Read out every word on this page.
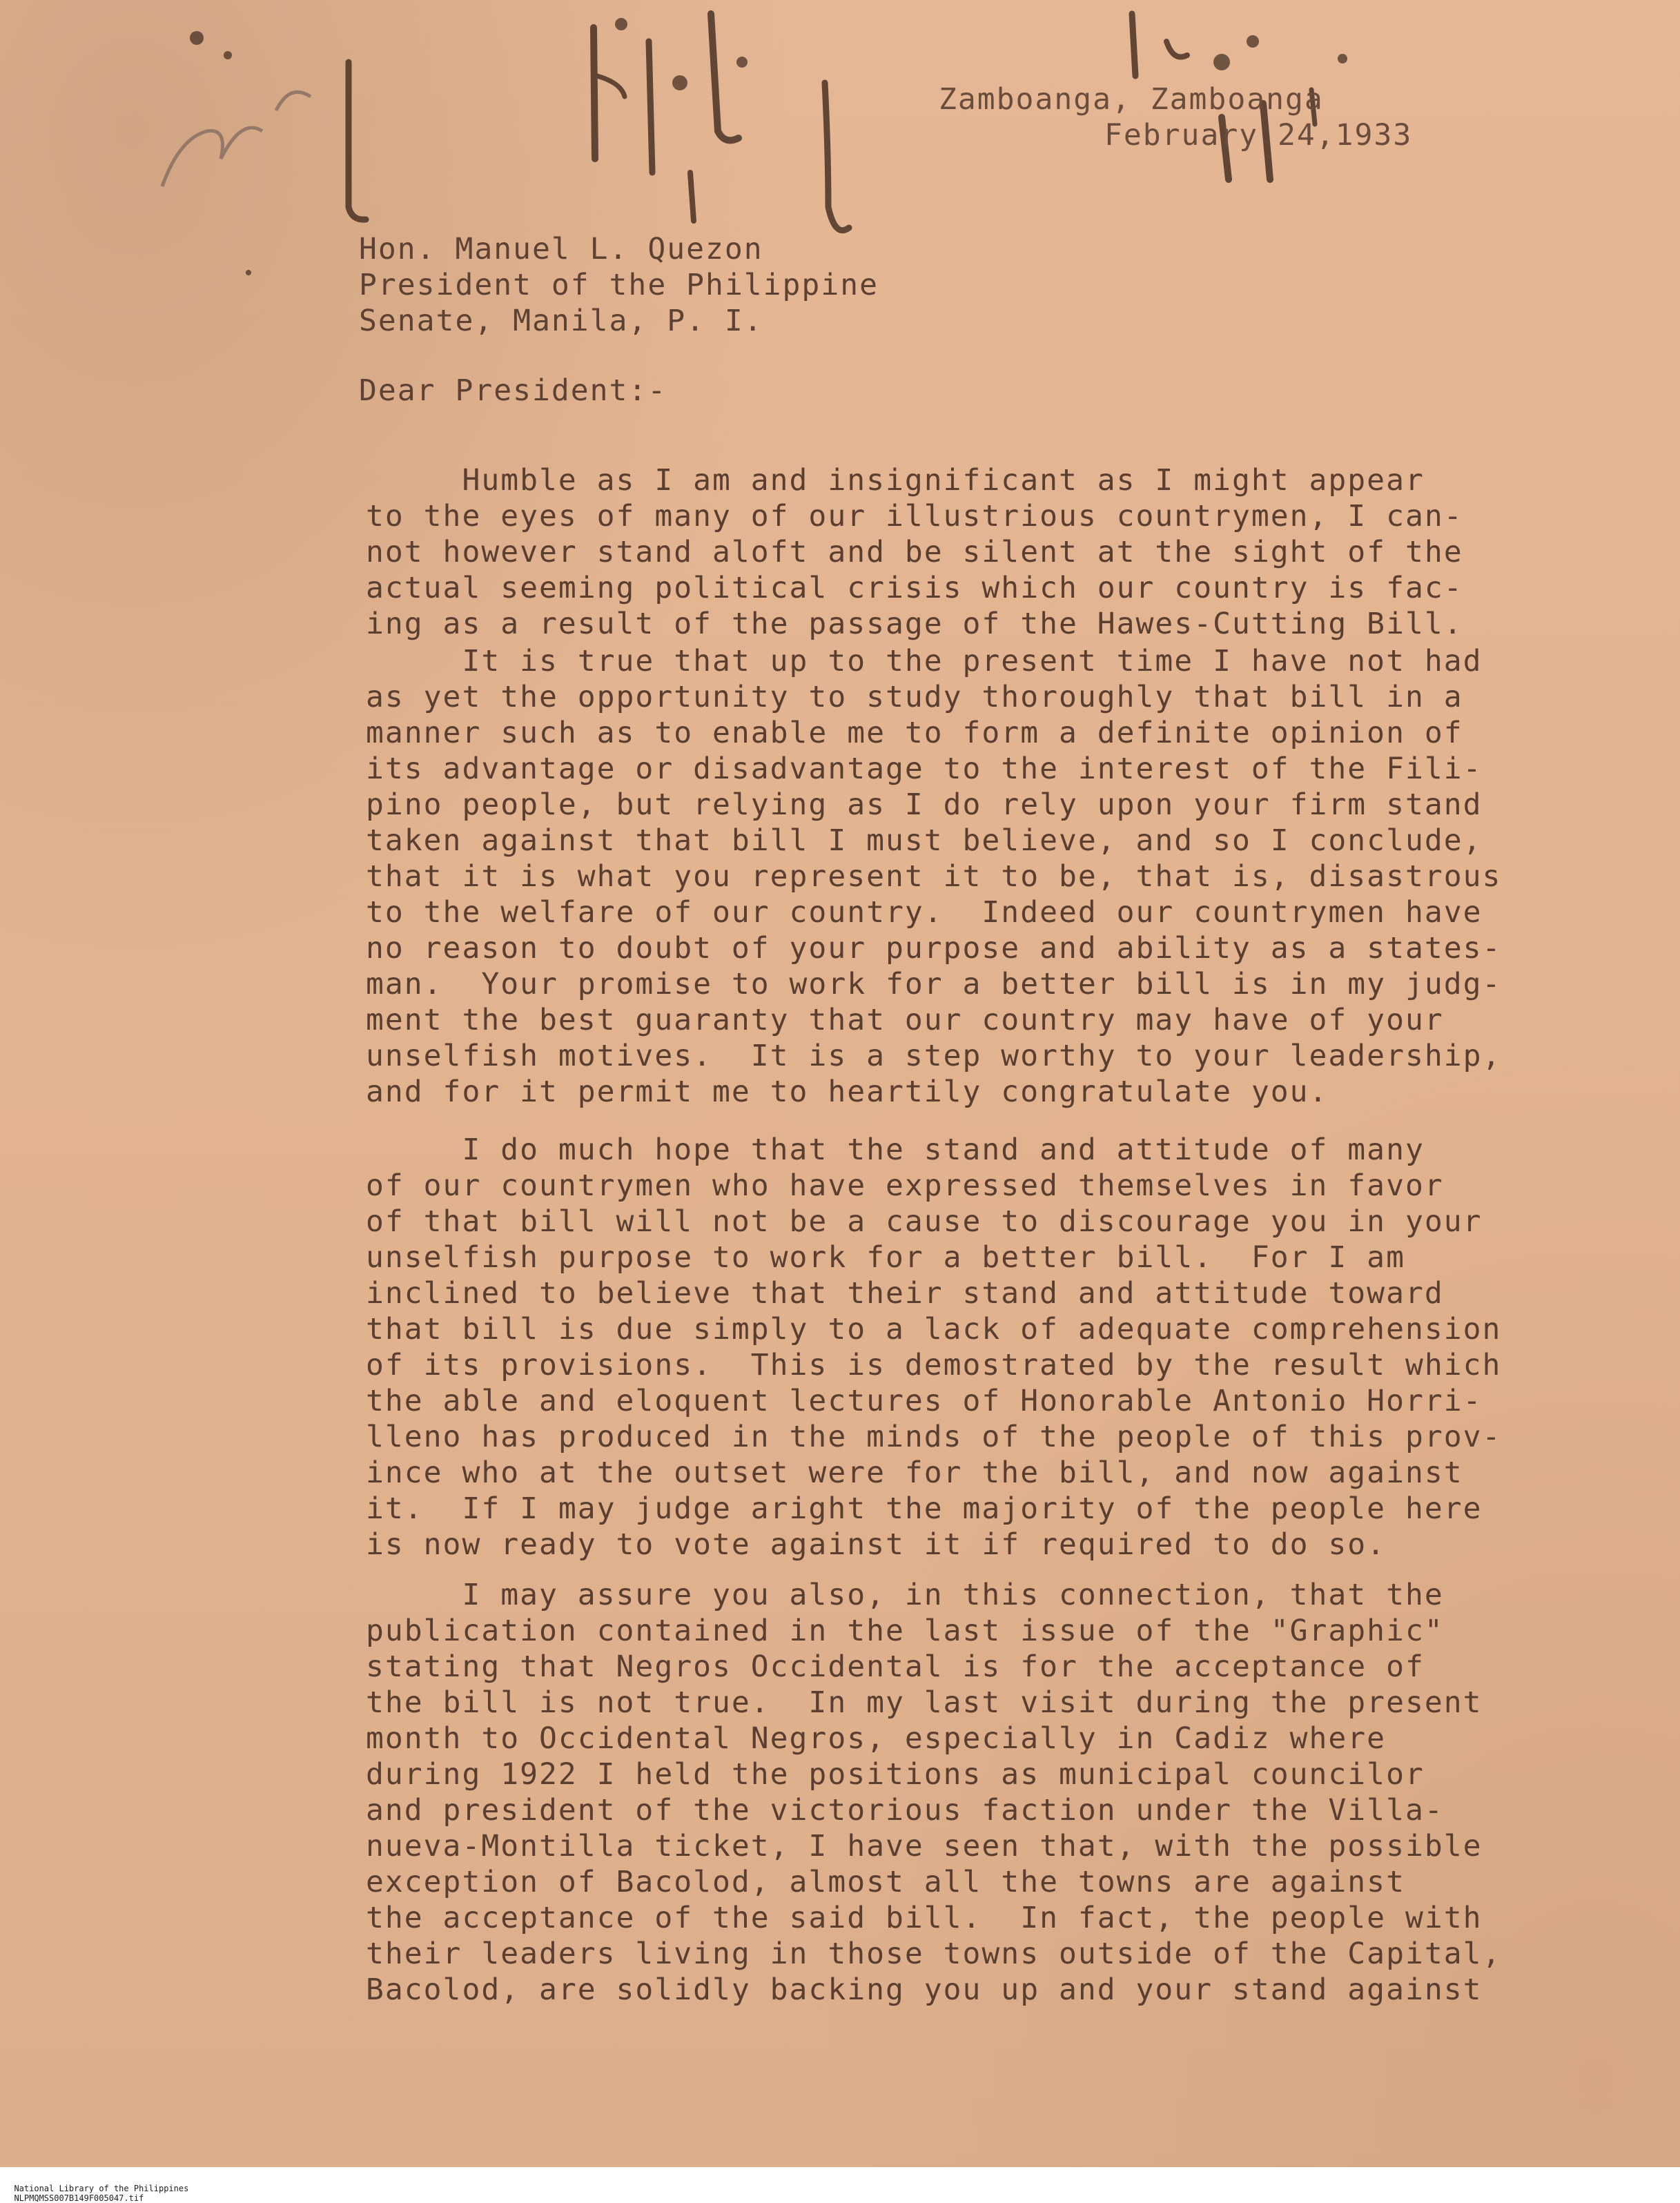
Zamboanga, Zamboanga
February 24,1933
Hon. Manuel L. Quezon
President of the Philippine
Senate, Manila, P. I.
Dear President:-
Humble as I am and insignificant as I might appear
to the eyes of many of our illustrious countrymen, I can-
not however stand aloft and be silent at the sight of the
actual seeming political crisis which our country is fac-
ing as a result of the passage of the Hawes-Cutting Bill.
It is true that up to the present time I have not had
as yet the opportunity to study thoroughly that bill in a
manner such as to enable me to form a definite opinion of
its advantage or disadvantage to the interest of the Fili-
pino people, but relying as I do rely upon your firm stand
taken against that bill I must believe, and so I conclude,
that it is what you represent it to be, that is, disastrous
to the welfare of our country.  Indeed our countrymen have
no reason to doubt of your purpose and ability as a states-
man.  Your promise to work for a better bill is in my judg-
ment the best guaranty that our country may have of your
unselfish motives.  It is a step worthy to your leadership,
and for it permit me to heartily congratulate you.
I do much hope that the stand and attitude of many
of our countrymen who have expressed themselves in favor
of that bill will not be a cause to discourage you in your
unselfish purpose to work for a better bill.  For I am
inclined to believe that their stand and attitude toward
that bill is due simply to a lack of adequate comprehension
of its provisions.  This is demostrated by the result which
the able and eloquent lectures of Honorable Antonio Horri-
lleno has produced in the minds of the people of this prov-
ince who at the outset were for the bill, and now against
it.  If I may judge aright the majority of the people here
is now ready to vote against it if required to do so.
I may assure you also, in this connection, that the
publication contained in the last issue of the "Graphic"
stating that Negros Occidental is for the acceptance of
the bill is not true.  In my last visit during the present
month to Occidental Negros, especially in Cadiz where
during 1922 I held the positions as municipal councilor
and president of the victorious faction under the Villa-
nueva-Montilla ticket, I have seen that, with the possible
exception of Bacolod, almost all the towns are against
the acceptance of the said bill.  In fact, the people with
their leaders living in those towns outside of the Capital,
Bacolod, are solidly backing you up and your stand against

National Library of the Philippines
NLPMQMSS007B149F005047.tif
